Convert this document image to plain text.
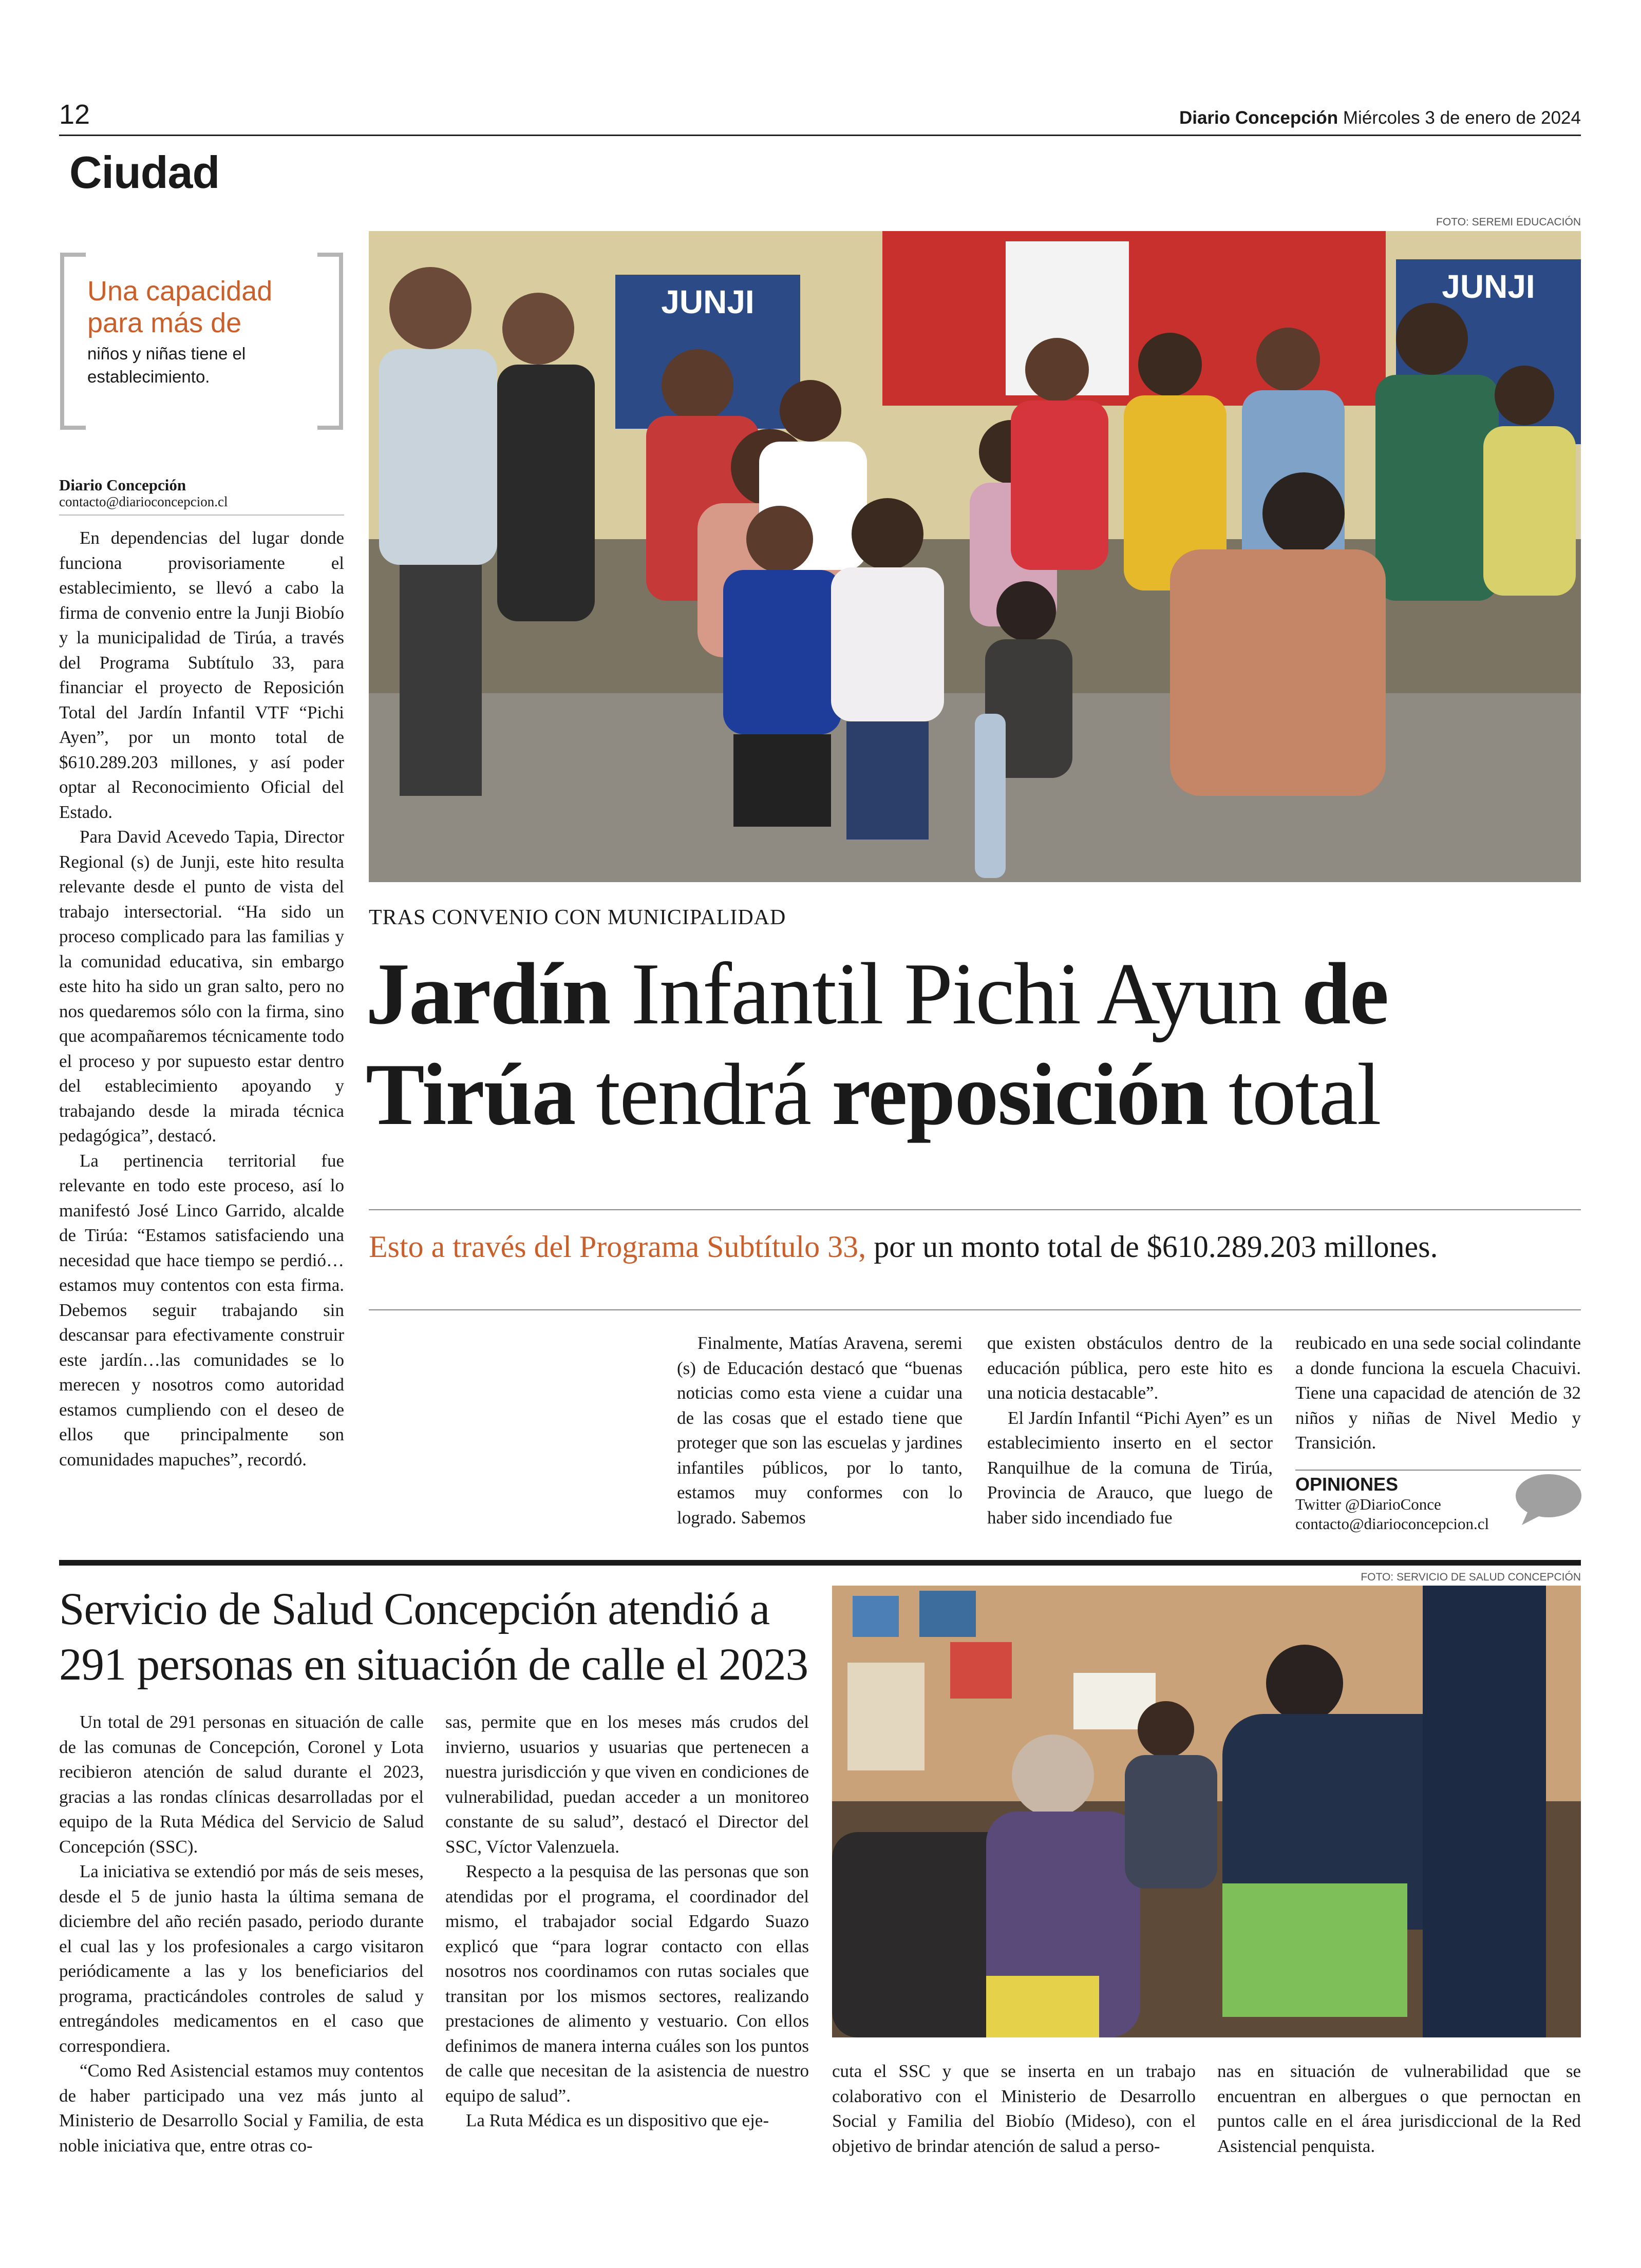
12	Diario Concepción Miércoles 3 de enero de 2024
Ciudad
Una capacidad para más de
niños y niñas tiene el establecimiento.
Diario Concepción
contacto@diarioconcepcion.cl

En dependencias del lugar donde funciona provisoriamente el establecimiento, se llevó a cabo la firma de convenio entre la Junji Biobío y la municipalidad de Tirúa, a través del Programa Subtítulo 33, para financiar el proyecto de Reposición Total del Jardín Infantil VTF “Pichi Ayen”, por un monto total de $610.289.203 millones, y así poder optar al Reconocimiento Oficial del Estado.

Para David Acevedo Tapia, Director Regional (s) de Junji, este hito resulta relevante desde el punto de vista del trabajo intersectorial. “Ha sido un proceso complicado para las familias y la comunidad educativa, sin embargo este hito ha sido un gran salto, pero no nos quedaremos sólo con la firma, sino que acompañaremos técnicamente todo el proceso y por supuesto estar dentro del establecimiento apoyando y trabajando desde la mirada técnica pedagógica”, destacó.

La pertinencia territorial fue relevante en todo este proceso, así lo manifestó José Linco Garrido, alcalde de Tirúa: “Estamos satisfaciendo una necesidad que hace tiempo se perdió…estamos muy contentos con esta firma. Debemos seguir trabajando sin descansar para efectivamente construir este jardín…las comunidades se lo merecen y nosotros como autoridad estamos cumpliendo con el deseo de ellos que principalmente son comunidades mapuches”, recordó.

FOTO: SEREMI EDUCACIÓN
JUNJI	JUNJI
TRAS CONVENIO CON MUNICIPALIDAD
Jardín Infantil Pichi Ayun de
Tirúa tendrá reposición total
Esto a través del Programa Subtítulo 33, por un monto total de $610.289.203 millones.

Finalmente, Matías Aravena, seremi (s) de Educación destacó que “buenas noticias como esta viene a cuidar una de las cosas que el estado tiene que proteger que son las escuelas y jardines infantiles públicos, por lo tanto, estamos muy conformes con lo logrado. Sabemos

que existen obstáculos dentro de la educación pública, pero este hito es una noticia destacable”.

El Jardín Infantil “Pichi Ayen” es un establecimiento inserto en el sector Ranquilhue de la comuna de Tirúa, Provincia de Arauco, que luego de haber sido incendiado fue

reubicado en una sede social colindante a donde funciona la escuela Chacuivi. Tiene una capacidad de atención de 32 niños y niñas de Nivel Medio y Transición.

OPINIONES
Twitter @DiarioConce
contacto@diarioconcepcion.cl
Servicio de Salud Concepción atendió a
291 personas en situación de calle el 2023

Un total de 291 personas en situación de calle de las comunas de Concepción, Coronel y Lota recibieron atención de salud durante el 2023, gracias a las rondas clínicas desarrolladas por el equipo de la Ruta Médica del Servicio de Salud Concepción (SSC).

La iniciativa se extendió por más de seis meses, desde el 5 de junio hasta la última semana de diciembre del año recién pasado, periodo durante el cual las y los profesionales a cargo visitaron periódicamente a las y los beneficiarios del programa, practicándoles controles de salud y entregándoles medicamentos en el caso que correspondiera.

“Como Red Asistencial estamos muy contentos de haber participado una vez más junto al Ministerio de Desarrollo Social y Familia, de esta noble iniciativa que, entre otras co-

sas, permite que en los meses más crudos del invierno, usuarios y usuarias que pertenecen a nuestra jurisdicción y que viven en condiciones de vulnerabilidad, puedan acceder a un monitoreo constante de su salud”, destacó el Director del SSC, Víctor Valenzuela.

Respecto a la pesquisa de las personas que son atendidas por el programa, el coordinador del mismo, el trabajador social Edgardo Suazo explicó que “para lograr contacto con ellas nosotros nos coordinamos con rutas sociales que transitan por los mismos sectores, realizando prestaciones de alimento y vestuario. Con ellos definimos de manera interna cuáles son los puntos de calle que necesitan de la asistencia de nuestro equipo de salud”.

La Ruta Médica es un dispositivo que eje-

FOTO: SERVICIO DE SALUD CONCEPCIÓN

cuta el SSC y que se inserta en un trabajo colaborativo con el Ministerio de Desarrollo Social y Familia del Biobío (Mideso), con el objetivo de brindar atención de salud a perso-

nas en situación de vulnerabilidad que se encuentran en albergues o que pernoctan en puntos calle en el área jurisdiccional de la Red Asistencial penquista.
